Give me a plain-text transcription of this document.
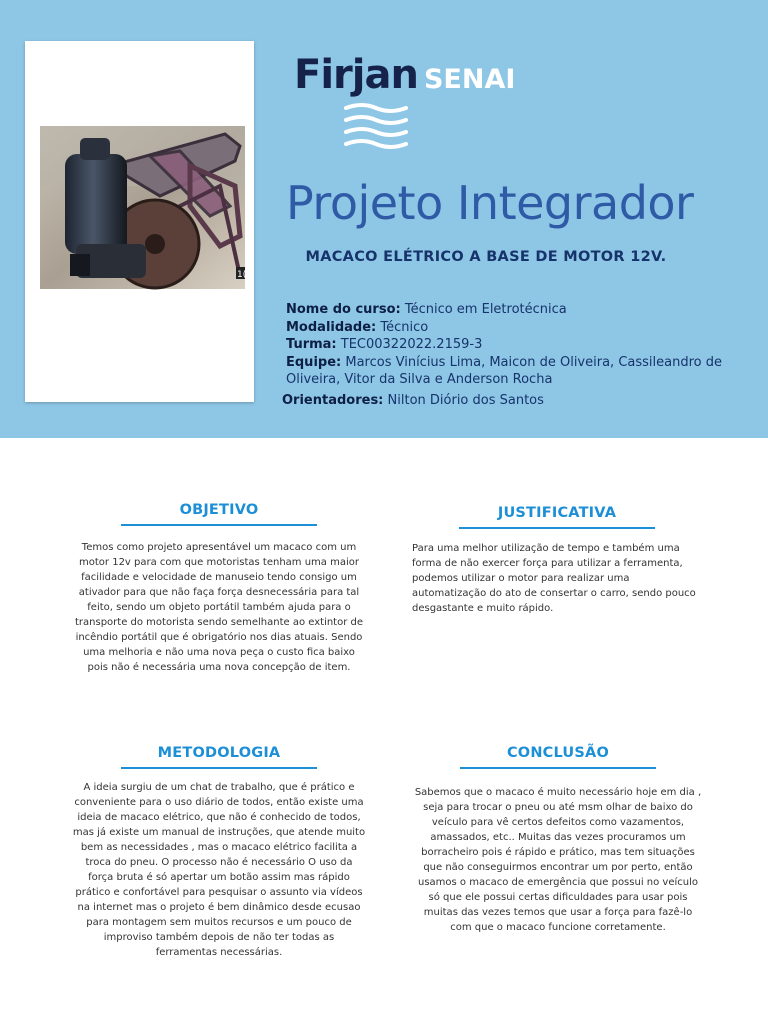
1(
Firjan SENAI
Projeto Integrador
MACACO ELÉTRICO A BASE DE MOTOR 12V.

Nome do curso: Técnico em Eletrotécnica

Modalidade: Técnico

Turma: TEC00322022.2159-3

Equipe: Marcos Vinícius Lima, Maicon de Oliveira, Cassileandro de Oliveira, Vitor da Silva e Anderson Rocha

Orientadores: Nilton Diório dos Santos

OBJETIVO
Temos como projeto apresentável um macaco com um motor 12v para com que motoristas tenham uma maior facilidade e velocidade de manuseio tendo consigo um ativador para que não faça força desnecessária para tal feito, sendo um objeto portátil também ajuda para o transporte do motorista sendo semelhante ao extintor de incêndio portátil que é obrigatório nos dias atuais. Sendo uma melhoria e não uma nova peça o custo fica baixo pois não é necessária uma nova concepção de item.
JUSTIFICATIVA
Para uma melhor utilização de tempo e também uma forma de não exercer força para utilizar a ferramenta, podemos utilizar o motor para realizar uma automatização do ato de consertar o carro, sendo pouco desgastante e muito rápido.
METODOLOGIA
A ideia surgiu de um chat de trabalho, que é prático e conveniente para o uso diário de todos, então existe uma ideia de macaco elétrico, que não é conhecido de todos, mas já existe um manual de instruções, que atende muito bem as necessidades , mas o macaco elétrico facilita a troca do pneu. O processo não é necessário O uso da força bruta é só apertar um botão assim mas rápido prático e confortável para pesquisar o assunto via vídeos na internet mas o projeto é bem dinâmico desde ecusao para montagem sem muitos recursos e um pouco de improviso também depois de não ter todas as ferramentas necessárias.
CONCLUSÃO
Sabemos que o macaco é muito necessário hoje em dia , seja para trocar o pneu ou até msm olhar de baixo do veículo para vê certos defeitos como vazamentos, amassados, etc.. Muitas das vezes procuramos um borracheiro pois é rápido e prático, mas tem situações que não conseguirmos encontrar um por perto, então usamos o macaco de emergência que possui no veículo só que ele possui certas dificuldades para usar pois muitas das vezes temos que usar a força para fazê-lo com que o macaco funcione corretamente.
